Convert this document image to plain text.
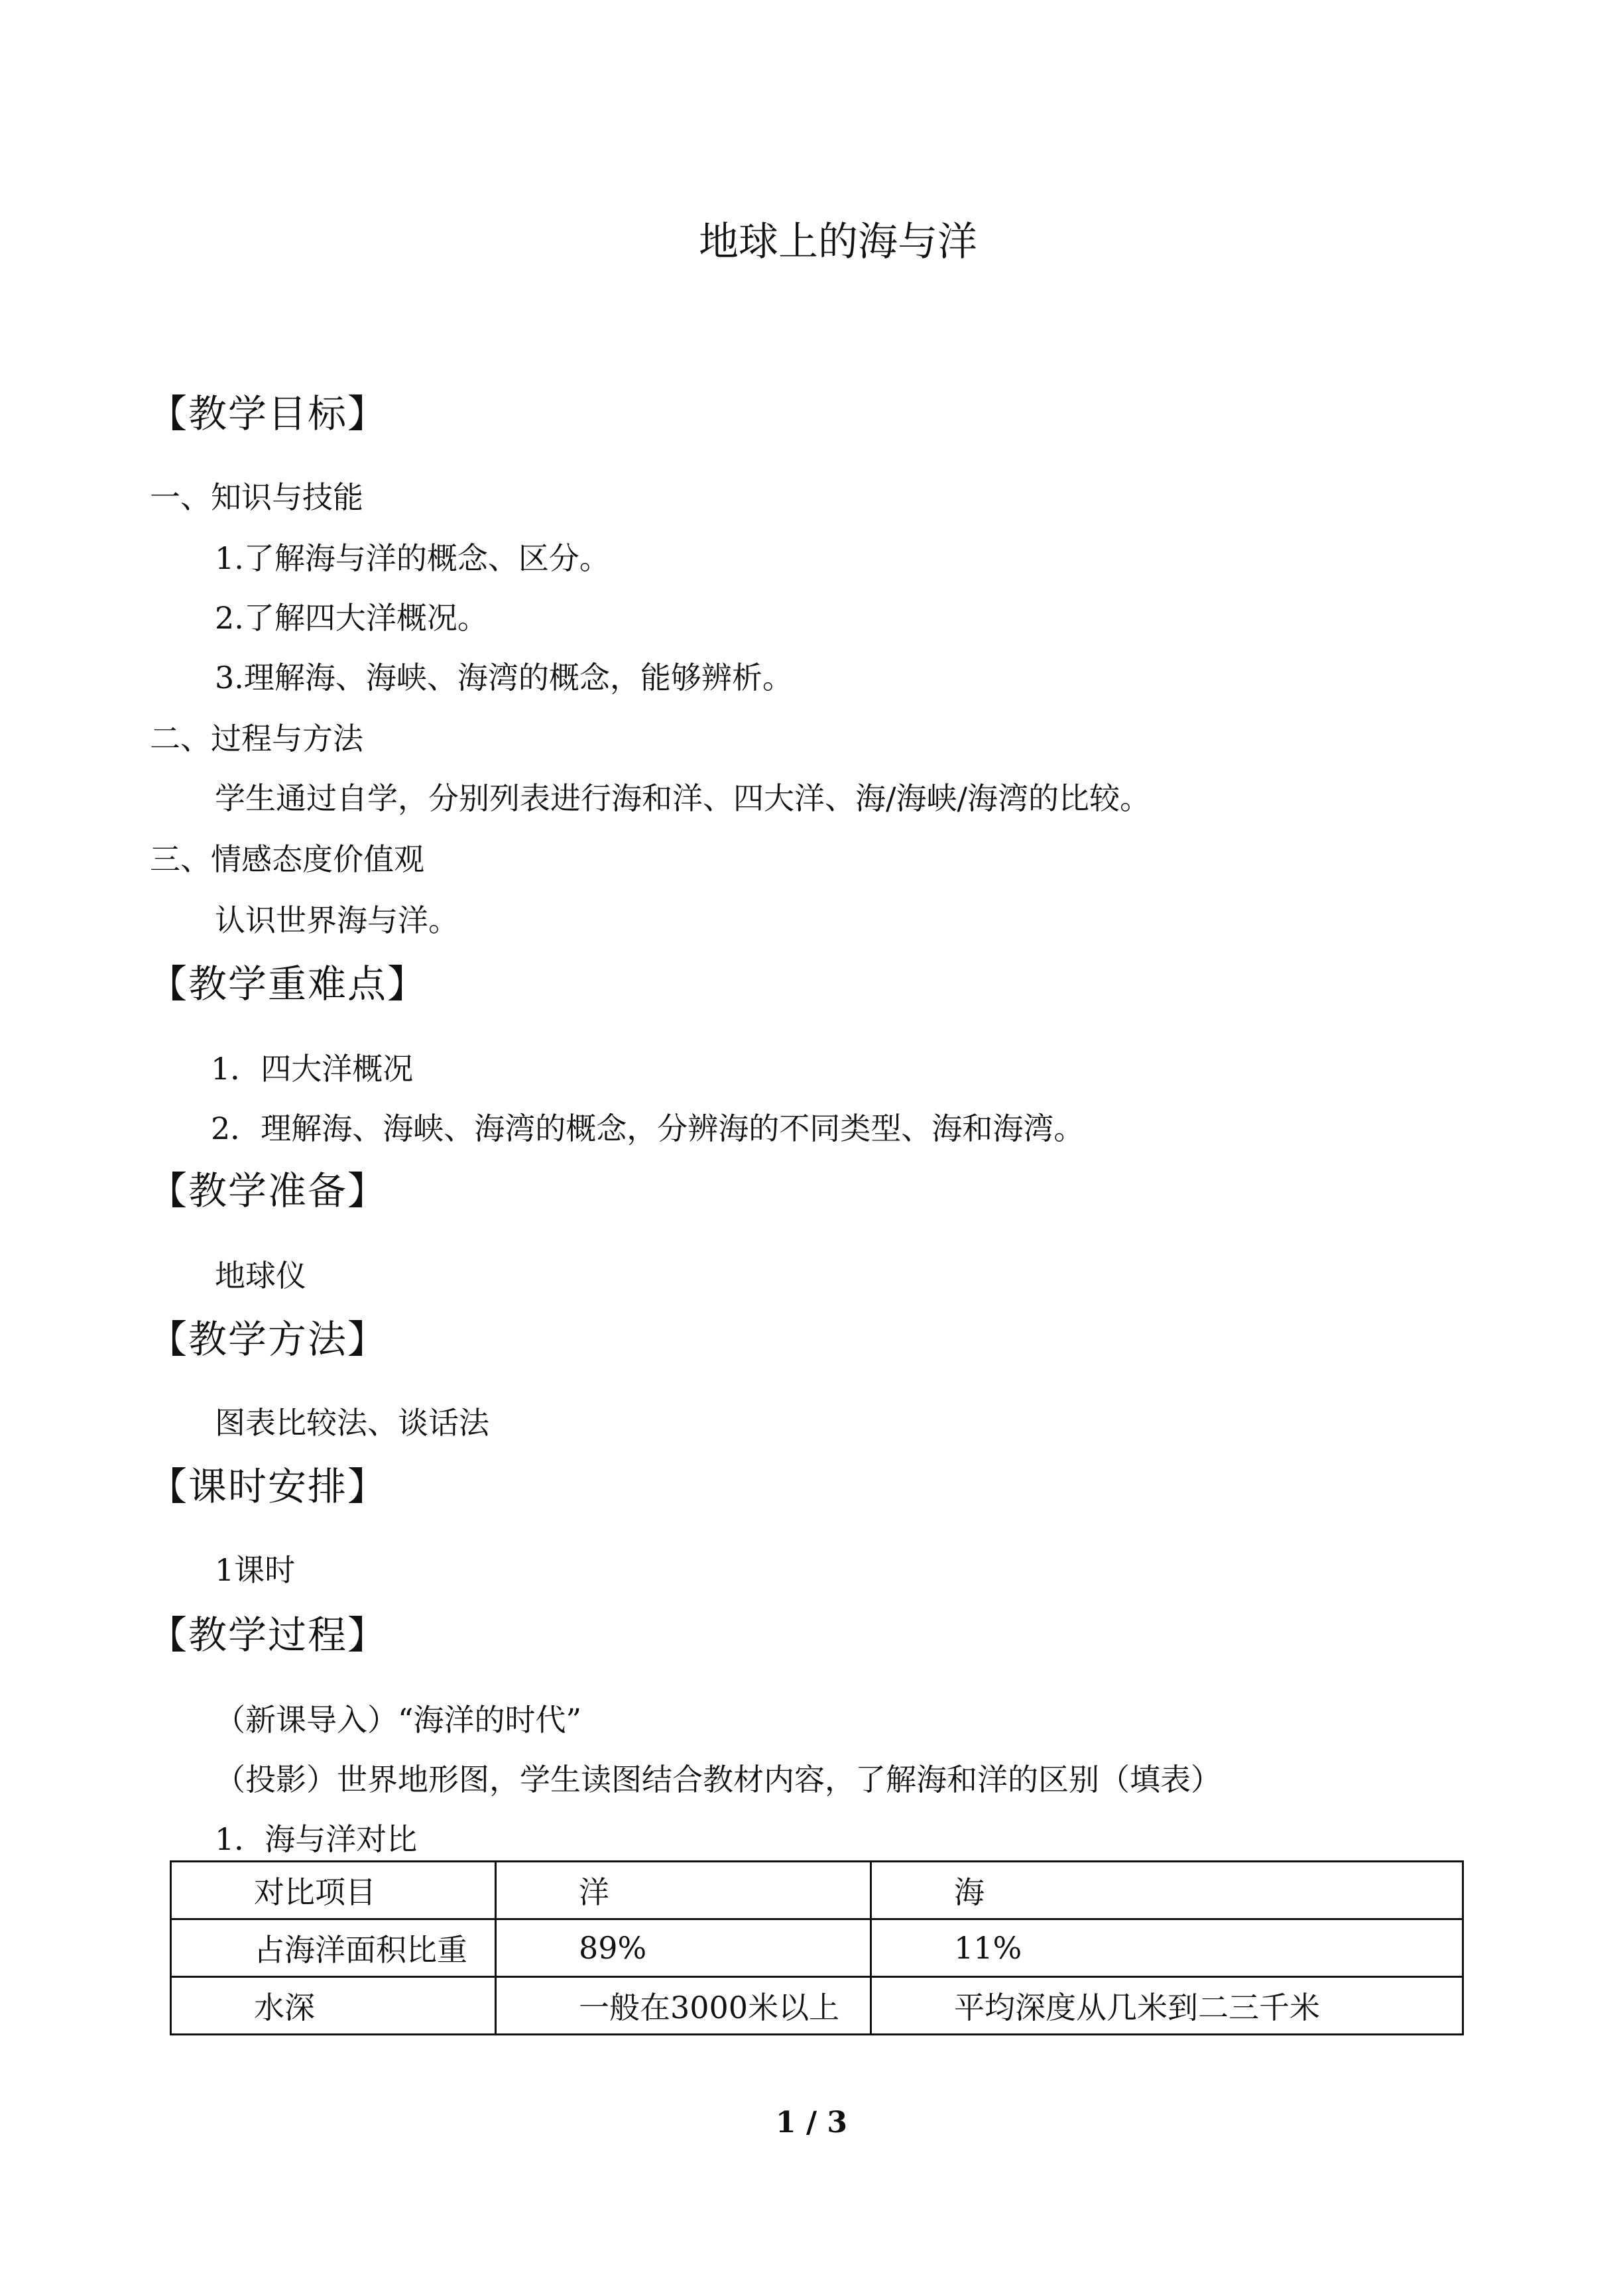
地球上的海与洋
【教学目标】
一、知识与技能
1.了解海与洋的概念、区分。
2.了解四大洋概况。
3.理解海、海峡、海湾的概念，能够辨析。
二、过程与方法
学生通过自学，分别列表进行海和洋、四大洋、海/海峡/海湾的比较。
三、情感态度价值观
认识世界海与洋。
【教学重难点】
1．四大洋概况
2．理解海、海峡、海湾的概念，分辨海的不同类型、海和海湾。
【教学准备】
地球仪
【教学方法】
图表比较法、谈话法
【课时安排】
1课时
【教学过程】
（新课导入）“海洋的时代”
（投影）世界地形图，学生读图结合教材内容，了解海和洋的区别（填表）
1．海与洋对比
对比项目	洋	海
占海洋面积比重	89%	11%
水深	一般在3000米以上	平均深度从几米到二三千米
1 / 3
